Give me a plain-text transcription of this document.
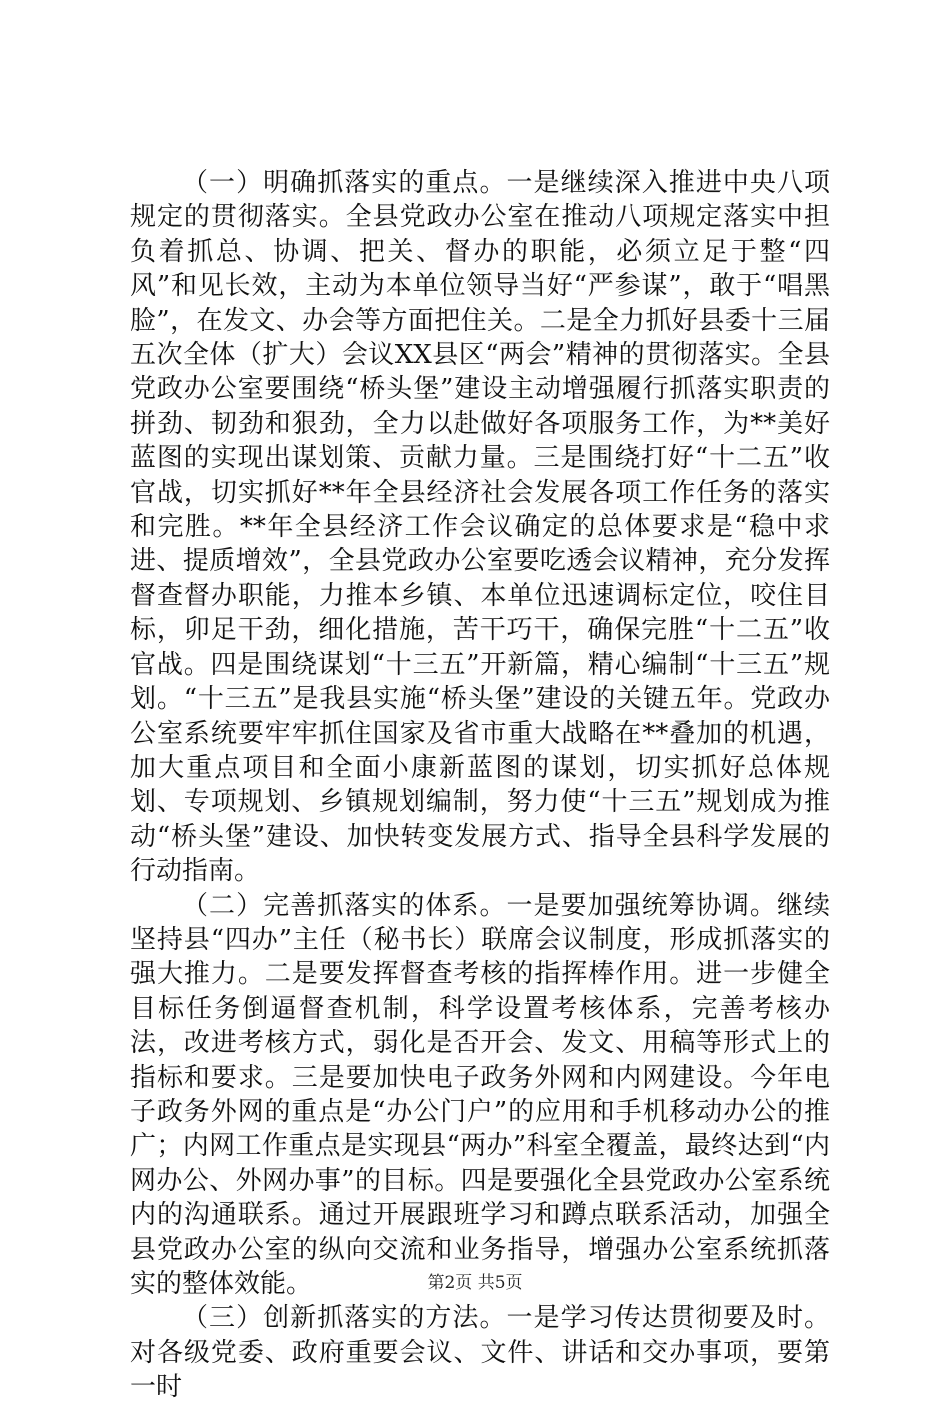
（一）明确抓落实的重点。一是继续深入推进中央八项规定的贯彻落实。全县党政办公室在推动八项规定落实中担负着抓总、协调、把关、督办的职能，必须立足于整“四风”和见长效，主动为本单位领导当好“严参谋”，敢于“唱黑脸”，在发文、办会等方面把住关。二是全力抓好县委十三届五次全体（扩大）会议XX县区“两会”精神的贯彻落实。全县党政办公室要围绕“桥头堡”建设主动增强履行抓落实职责的拼劲、韧劲和狠劲，全力以赴做好各项服务工作，为**美好蓝图的实现出谋划策、贡献力量。三是围绕打好“十二五”收官战，切实抓好**年全县经济社会发展各项工作任务的落实和完胜。**年全县经济工作会议确定的总体要求是“稳中求进、提质增效”，全县党政办公室要吃透会议精神，充分发挥督查督办职能，力推本乡镇、本单位迅速调标定位，咬住目标，卯足干劲，细化措施，苦干巧干，确保完胜“十二五”收官战。四是围绕谋划“十三五”开新篇，精心编制“十三五”规划。“十三五”是我县实施“桥头堡”建设的关键五年。党政办公室系统要牢牢抓住国家及省市重大战略在**叠加的机遇，加大重点项目和全面小康新蓝图的谋划，切实抓好总体规划、专项规划、乡镇规划编制，努力使“十三五”规划成为推动“桥头堡”建设、加快转变发展方式、指导全县科学发展的行动指南。

（二）完善抓落实的体系。一是要加强统筹协调。继续坚持县“四办”主任（秘书长）联席会议制度，形成抓落实的强大推力。二是要发挥督查考核的指挥棒作用。进一步健全目标任务倒逼督查机制，科学设置考核体系，完善考核办法，改进考核方式，弱化是否开会、发文、用稿等形式上的指标和要求。三是要加快电子政务外网和内网建设。今年电子政务外网的重点是“办公门户”的应用和手机移动办公的推广；内网工作重点是实现县“两办”科室全覆盖，最终达到“内网办公、外网办事”的目标。四是要强化全县党政办公室系统内的沟通联系。通过开展跟班学习和蹲点联系活动，加强全县党政办公室的纵向交流和业务指导，增强办公室系统抓落实的整体效能。

（三）创新抓落实的方法。一是学习传达贯彻要及时。对各级党委、政府重要会议、文件、讲话和交办事项，要第一时

第2页 共5页
